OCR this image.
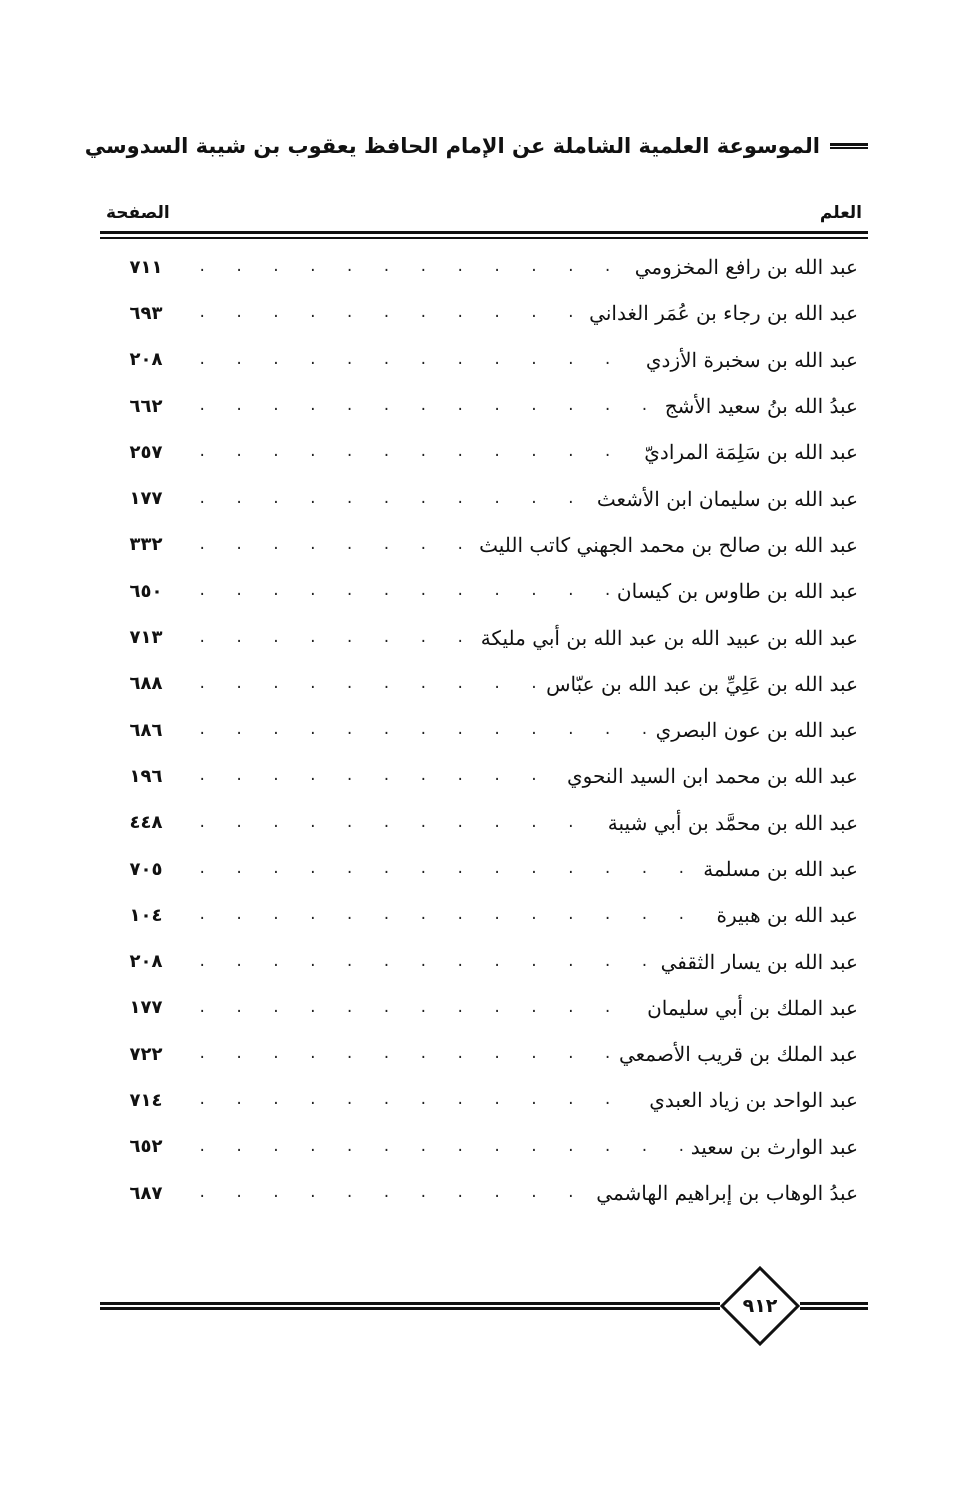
الموسوعة العلمية الشاملة عن الإمام الحافظ يعقوب بن شيبة السدوسي
العلم
الصفحة
عبد الله بن رافع المخزومي
. . .
٧١١
عبد الله بن رجاء بن عُمَر الغداني
. . .
٦٩٣
عبد الله بن سخبرة الأزدي
. . .
٢٠٨
عبدُ الله بنُ سعيد الأشج
. . .
٦٦٢
عبد الله بن سَلِمَة المراديّ
. . .
٢٥٧
عبد الله بن سليمان ابن الأشعث
. . .
١٧٧
عبد الله بن صالح بن محمد الجهني كاتب الليث
. . .
٣٣٢
عبد الله بن طاوس بن كيسان
. . .
٦٥٠
عبد الله بن عبيد الله بن عبد الله بن أبي مليكة
. . .
٧١٣
عبد الله بن عَلِيِّ بن عبد الله بن عبّاس
. . .
٦٨٨
عبد الله بن عون البصري
. . .
٦٨٦
عبد الله بن محمد ابن السيد النحوي
. . .
١٩٦
عبد الله بن محمَّد بن أبي شيبة
. . .
٤٤٨
عبد الله بن مسلمة
. . .
٧٠٥
عبد الله بن هبيرة
. . .
١٠٤
عبد الله بن يسار الثقفي
. . .
٢٠٨
عبد الملك بن أبي سليمان
. . .
١٧٧
عبد الملك بن قريب الأصمعي
. . .
٧٢٢
عبد الواحد بن زياد العبدي
. . .
٧١٤
عبد الوارث بن سعيد
. . .
٦٥٢
عبدُ الوهاب بن إبراهيم الهاشمي
. . .
٦٨٧
٩١٢
